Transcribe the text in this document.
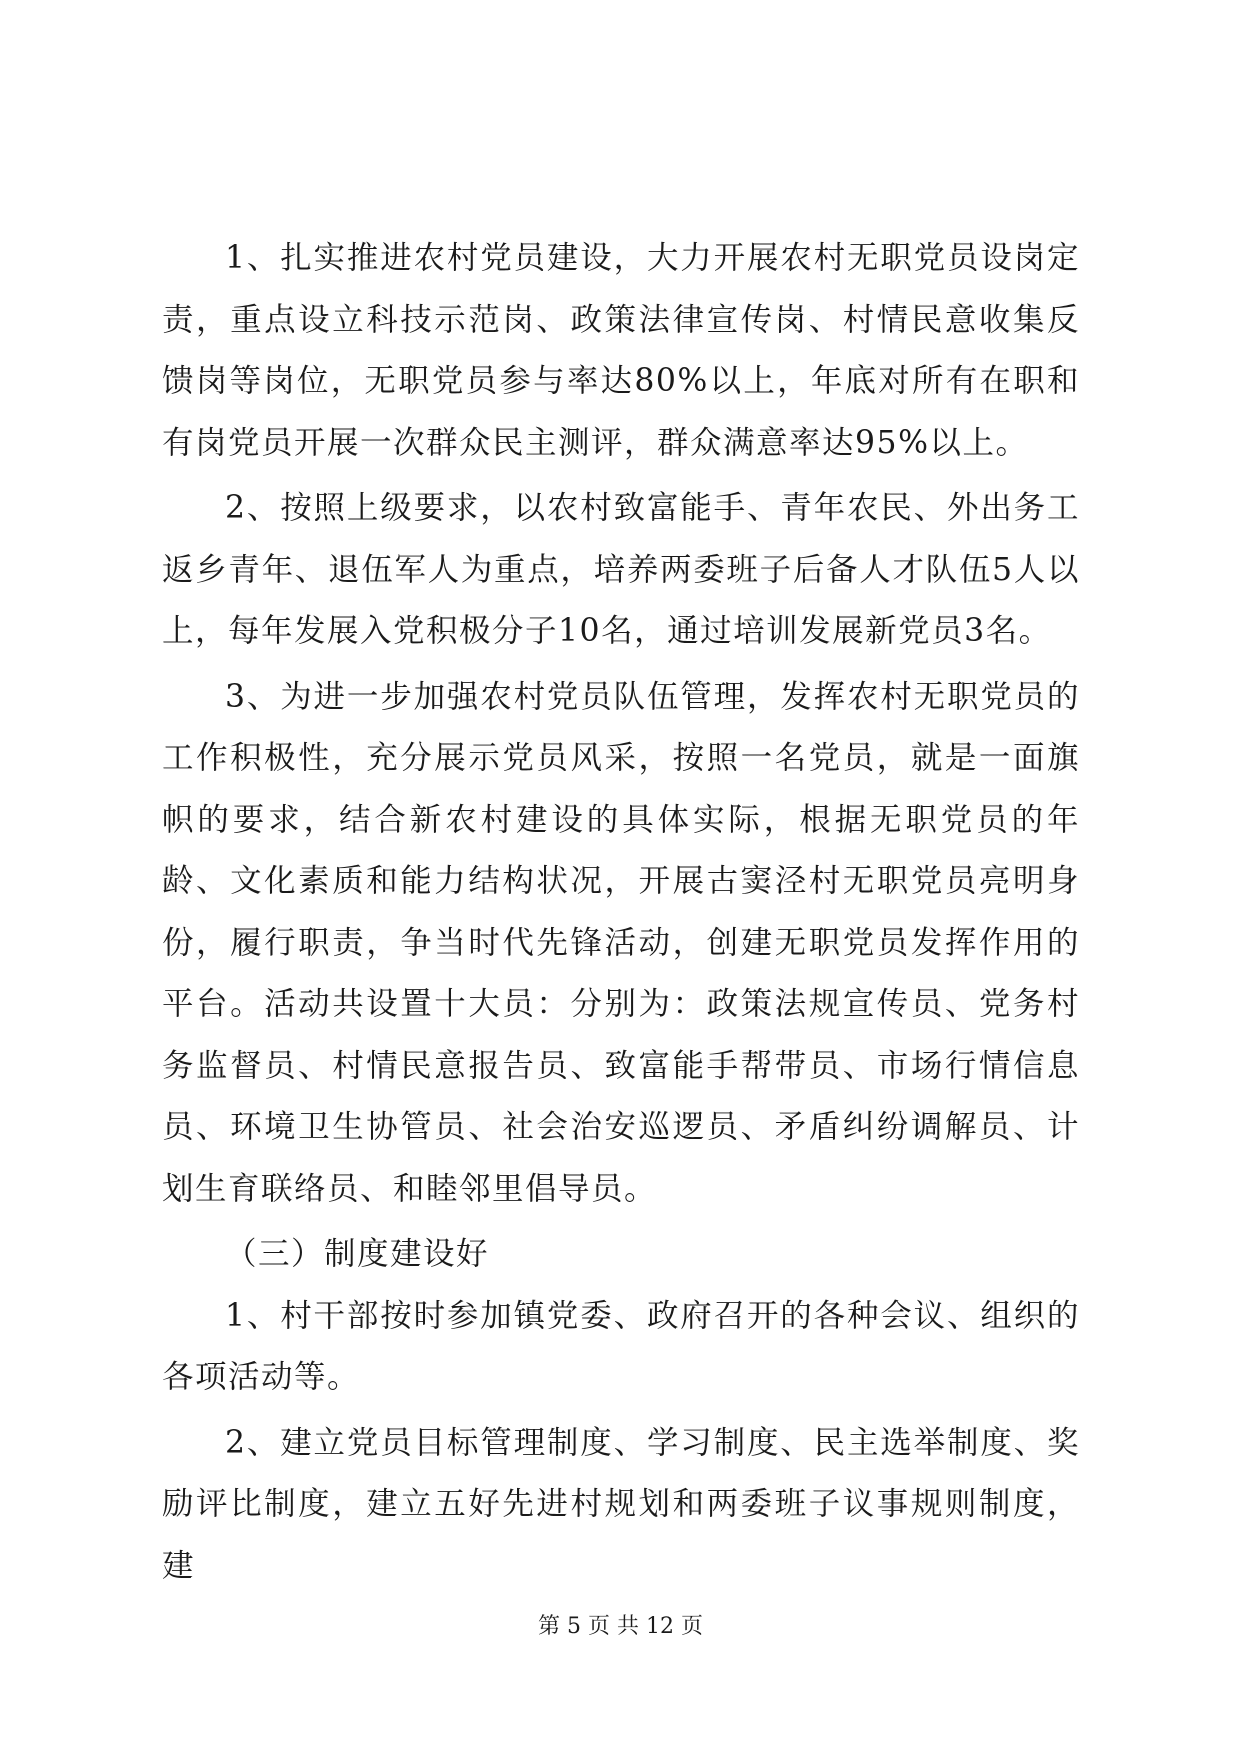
1、扎实推进农村党员建设，大力开展农村无职党员设岗定责，重点设立科技示范岗、政策法律宣传岗、村情民意收集反馈岗等岗位，无职党员参与率达80%以上，年底对所有在职和有岗党员开展一次群众民主测评，群众满意率达95%以上。

2、按照上级要求，以农村致富能手、青年农民、外出务工返乡青年、退伍军人为重点，培养两委班子后备人才队伍5人以上，每年发展入党积极分子10名，通过培训发展新党员3名。

3、为进一步加强农村党员队伍管理，发挥农村无职党员的工作积极性，充分展示党员风采，按照一名党员，就是一面旗帜的要求，结合新农村建设的具体实际，根据无职党员的年龄、文化素质和能力结构状况，开展古窦泾村无职党员亮明身份，履行职责，争当时代先锋活动，创建无职党员发挥作用的平台。活动共设置十大员：分别为：政策法规宣传员、党务村务监督员、村情民意报告员、致富能手帮带员、市场行情信息员、环境卫生协管员、社会治安巡逻员、矛盾纠纷调解员、计划生育联络员、和睦邻里倡导员。

（三）制度建设好

1、村干部按时参加镇党委、政府召开的各种会议、组织的各项活动等。

2、建立党员目标管理制度、学习制度、民主选举制度、奖励评比制度，建立五好先进村规划和两委班子议事规则制度，建

第 5 页 共 12 页
